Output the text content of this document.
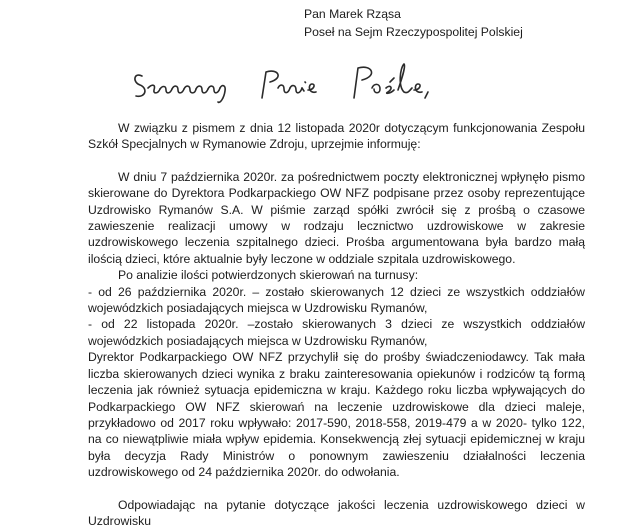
Pan Marek Rząsa
Poseł na Sejm Rzeczypospolitej Polskiej

W związku z pismem z dnia 12 listopada 2020r dotyczącym funkcjonowania Zespołu Szkół Specjalnych w Rymanowie Zdroju, uprzejmie informuję:

W dniu 7 października 2020r. za pośrednictwem poczty elektronicznej wpłynęło pismo skierowane do Dyrektora Podkarpackiego OW NFZ podpisane przez osoby reprezentujące Uzdrowisko Rymanów S.A. W piśmie zarząd spółki zwrócił się z prośbą o czasowe zawieszenie realizacji umowy w rodzaju lecznictwo uzdrowiskowe w zakresie uzdrowiskowego leczenia szpitalnego dzieci. Prośba argumentowana była bardzo małą ilością dzieci, które aktualnie były leczone w oddziale szpitala uzdrowiskowego.

Po analizie ilości potwierdzonych skierowań na turnusy:

- od 26 października 2020r. – zostało skierowanych 12 dzieci ze wszystkich oddziałów wojewódzkich posiadających miejsca w Uzdrowisku Rymanów,

- od 22 listopada 2020r. –zostało skierowanych 3 dzieci ze wszystkich oddziałów wojewódzkich posiadających miejsca w Uzdrowisku Rymanów,

Dyrektor Podkarpackiego OW NFZ przychylił się do prośby świadczeniodawcy. Tak mała liczba skierowanych dzieci wynika z braku zainteresowania opiekunów i rodziców tą formą leczenia jak również sytuacja epidemiczna w kraju. Każdego roku liczba wpływających do Podkarpackiego OW NFZ skierowań na leczenie uzdrowiskowe dla dzieci maleje, przykładowo od 2017 roku wpływało: 2017-590, 2018-558, 2019-479 a w 2020- tylko 122, na co niewątpliwie miała wpływ epidemia. Konsekwencją złej sytuacji epidemicznej w kraju była decyzja Rady Ministrów o ponownym zawieszeniu działalności leczenia uzdrowiskowego od 24 października 2020r. do odwołania.

Odpowiadając na pytanie dotyczące jakości leczenia uzdrowiskowego dzieci w Uzdrowisku
